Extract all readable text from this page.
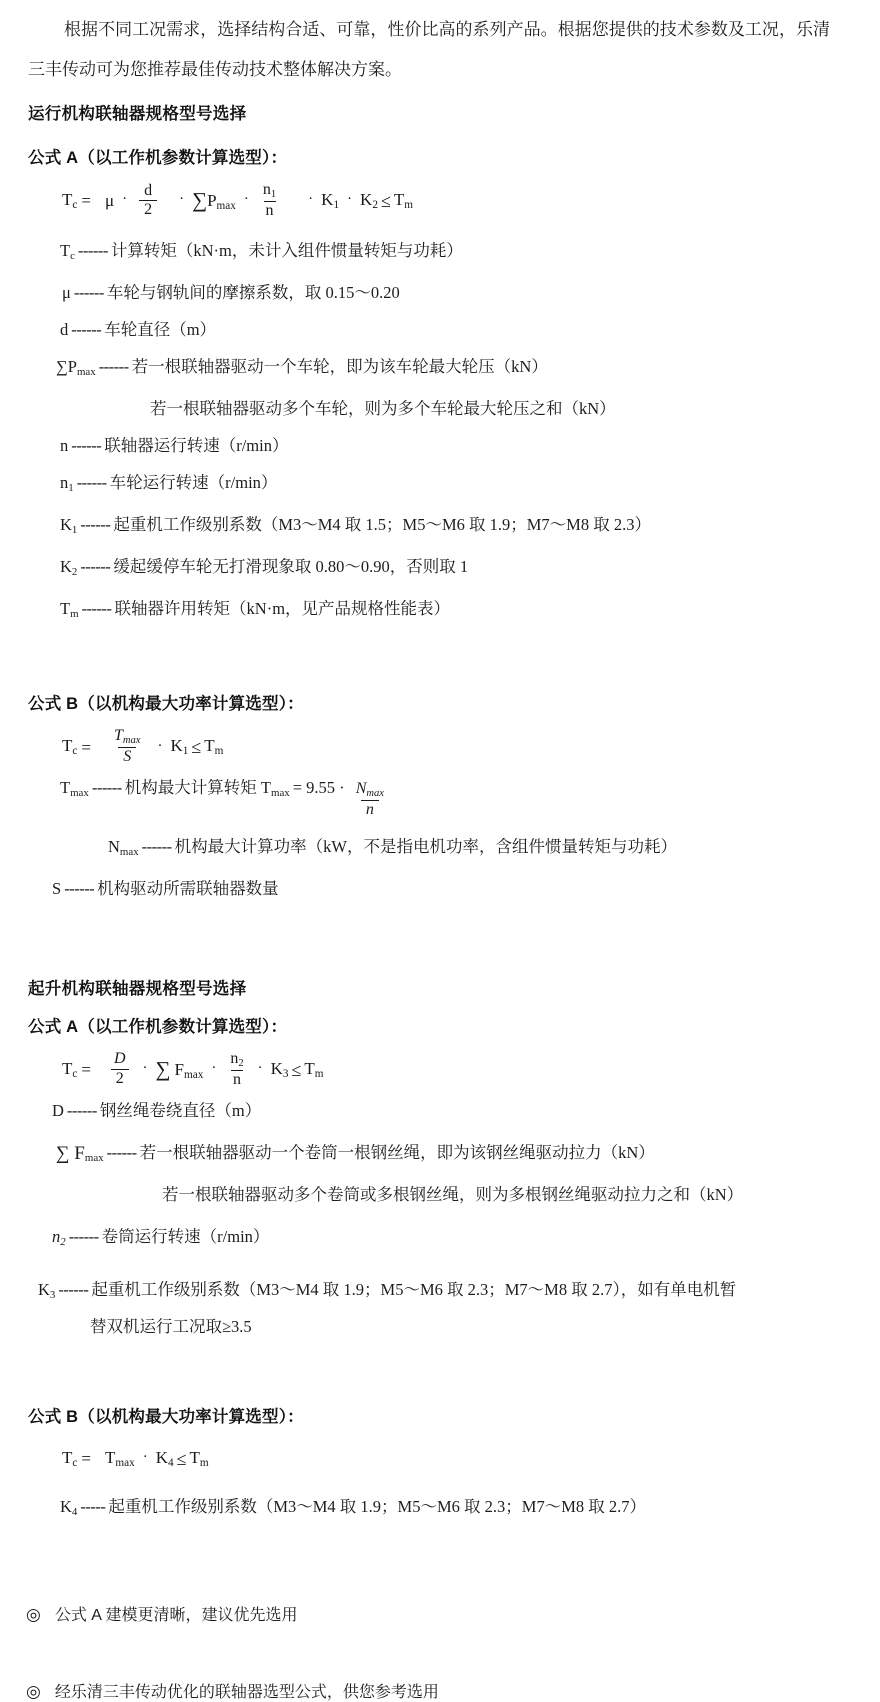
根据不同工况需求，选择结构合适、可靠，性价比高的系列产品。根据您提供的技术参数及工况，乐清三丰传动可为您推荐最佳传动技术整体解决方案。

运行机构联轴器规格型号选择
公式 A（以工作机参数计算选型）：
$T_c = \mu \cdot \frac{d}{2} \cdot \sum P_{max} \cdot \frac{n_1}{n} \cdot K_1 \cdot K_2 \le T_m$
$T_c$ ------ 计算转矩（kN·m，未计入组件惯量转矩与功耗）
μ ------ 车轮与钢轨间的摩擦系数，取 0.15～0.20
d ------ 车轮直径（m）
$\sum P_{max}$ ------ 若一根联轴器驱动一个车轮，即为该车轮最大轮压（kN）
若一根联轴器驱动多个车轮，则为多个车轮最大轮压之和（kN）
n ------ 联轴器运行转速（r/min）
$n_1$ ------ 车轮运行转速（r/min）
$K_1$ ------ 起重机工作级别系数（M3～M4 取 1.5；M5～M6 取 1.9；M7～M8 取 2.3）
$K_2$ ------ 缓起缓停车轮无打滑现象取 0.80～0.90，否则取 1
$T_m$ ------ 联轴器许用转矩（kN·m，见产品规格性能表）
公式 B（以机构最大功率计算选型）：
$T_c = \frac{T_{max}}{S} \cdot K_1 \le T_m$
$T_{max}$ ------ 机构最大计算转矩 T $_{max} = 9.55 \cdot \frac{N_{max}}{n}$
$N_{max}$ ------ 机构最大计算功率（kW，不是指电机功率，含组件惯量转矩与功耗）
S ------ 机构驱动所需联轴器数量
起升机构联轴器规格型号选择
公式 A（以工作机参数计算选型）：
$T_c = \frac{D}{2}$ · ∑ $F_{max} \cdot \frac{n_2}{n} \cdot K_3 \le T_m$
D ------ 钢丝绳卷绕直径（m）
∑ $F_{max}$ ------ 若一根联轴器驱动一个卷筒一根钢丝绳，即为该钢丝绳驱动拉力（kN）
若一根联轴器驱动多个卷筒或多根钢丝绳，则为多根钢丝绳驱动拉力之和（kN）
$n_2$ ------ 卷筒运行转速（r/min）
$K_3$ ------ 起重机工作级别系数（M3～M4 取 1.9；M5～M6 取 2.3；M7～M8 取 2.7），如有单电机暂
替双机运行工况取≥3.5
公式 B（以机构最大功率计算选型）：
$T_c = T_{max} \cdot K_4 \le T_m$
$K_4$ ----- 起重机工作级别系数（M3～M4 取 1.9；M5～M6 取 2.3；M7～M8 取 2.7）
◎ 公式 A 建模更清晰，建议优先选用
◎ 经乐清三丰传动优化的联轴器选型公式，供您参考选用
